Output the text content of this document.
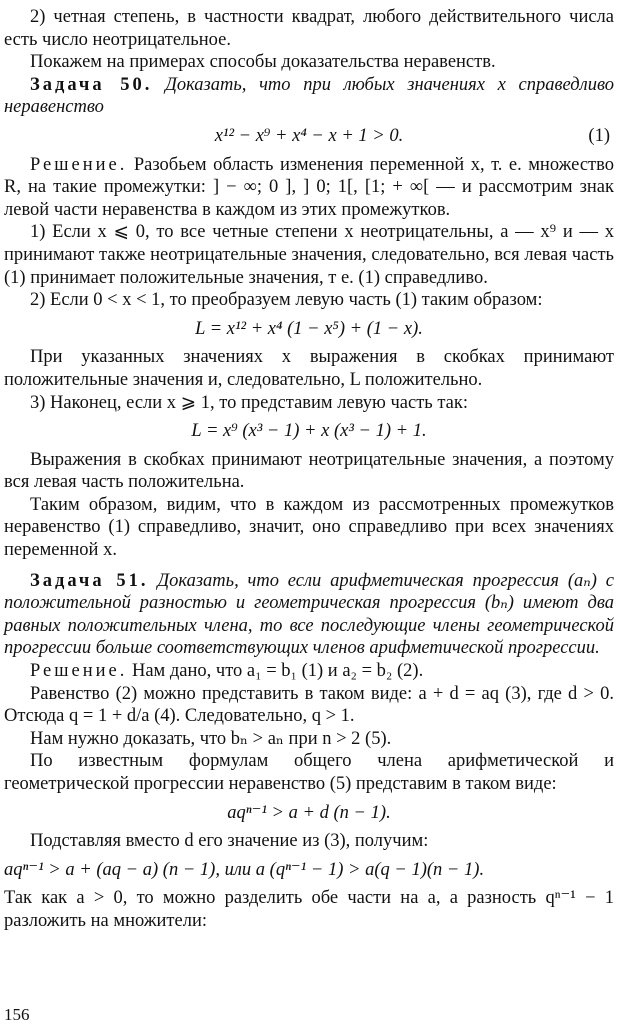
2) четная степень, в частности квадрат, любого действительного числа есть число неотрицательное.

Покажем на примерах способы доказательства неравенств.

Задача 50. Доказать, что при любых значениях x справедливо неравенство

x¹² − x⁹ + x⁴ − x + 1 > 0.	(1)

Решение. Разобьем область изменения переменной x, т. е. множество R, на такие промежутки: ] − ∞; 0 ], ] 0; 1[, [1; + ∞[ — и рассмотрим знак левой части неравенства в каждом из этих промежутков.

1) Если x ⩽ 0, то все четные степени x неотрицательны, а — x⁹ и — x принимают также неотрицательные значения, следовательно, вся левая часть (1) принимает положительные значения, т е. (1) справедливо.

2) Если 0 < x < 1, то преобразуем левую часть (1) таким образом:

L = x¹² + x⁴ (1 − x⁵) + (1 − x).

При указанных значениях x выражения в скобках принимают положительные значения и, следовательно, L положительно.

3) Наконец, если x ⩾ 1, то представим левую часть так:

L = x⁹ (x³ − 1) + x (x³ − 1) + 1.

Выражения в скобках принимают неотрицательные значения, а поэтому вся левая часть положительна.

Таким образом, видим, что в каждом из рассмотренных промежутков неравенство (1) справедливо, значит, оно справедливо при всех значениях переменной x.

Задача 51. Доказать, что если арифметическая прогрессия (aₙ) с положительной разностью и геометрическая прогрессия (bₙ) имеют два равных положительных члена, то все последующие члены геометрической прогрессии больше соответствующих членов арифметической прогрессии.

Решение. Нам дано, что a₁ = b₁ (1) и a₂ = b₂ (2).

Равенство (2) можно представить в таком виде: a + d = aq (3), где d > 0. Отсюда q = 1 + d/a (4). Следовательно, q > 1.

Нам нужно доказать, что bₙ > aₙ при n > 2 (5).

По известным формулам общего члена арифметической и геометрической прогрессии неравенство (5) представим в таком виде:

aqⁿ⁻¹ > a + d (n − 1).

Подставляя вместо d его значение из (3), получим:

aqⁿ⁻¹ > a + (aq − a) (n − 1), или a (qⁿ⁻¹ − 1) > a(q − 1)(n − 1).

Так как a > 0, то можно разделить обе части на a, а разность qⁿ⁻¹ − 1 разложить на множители:

156
